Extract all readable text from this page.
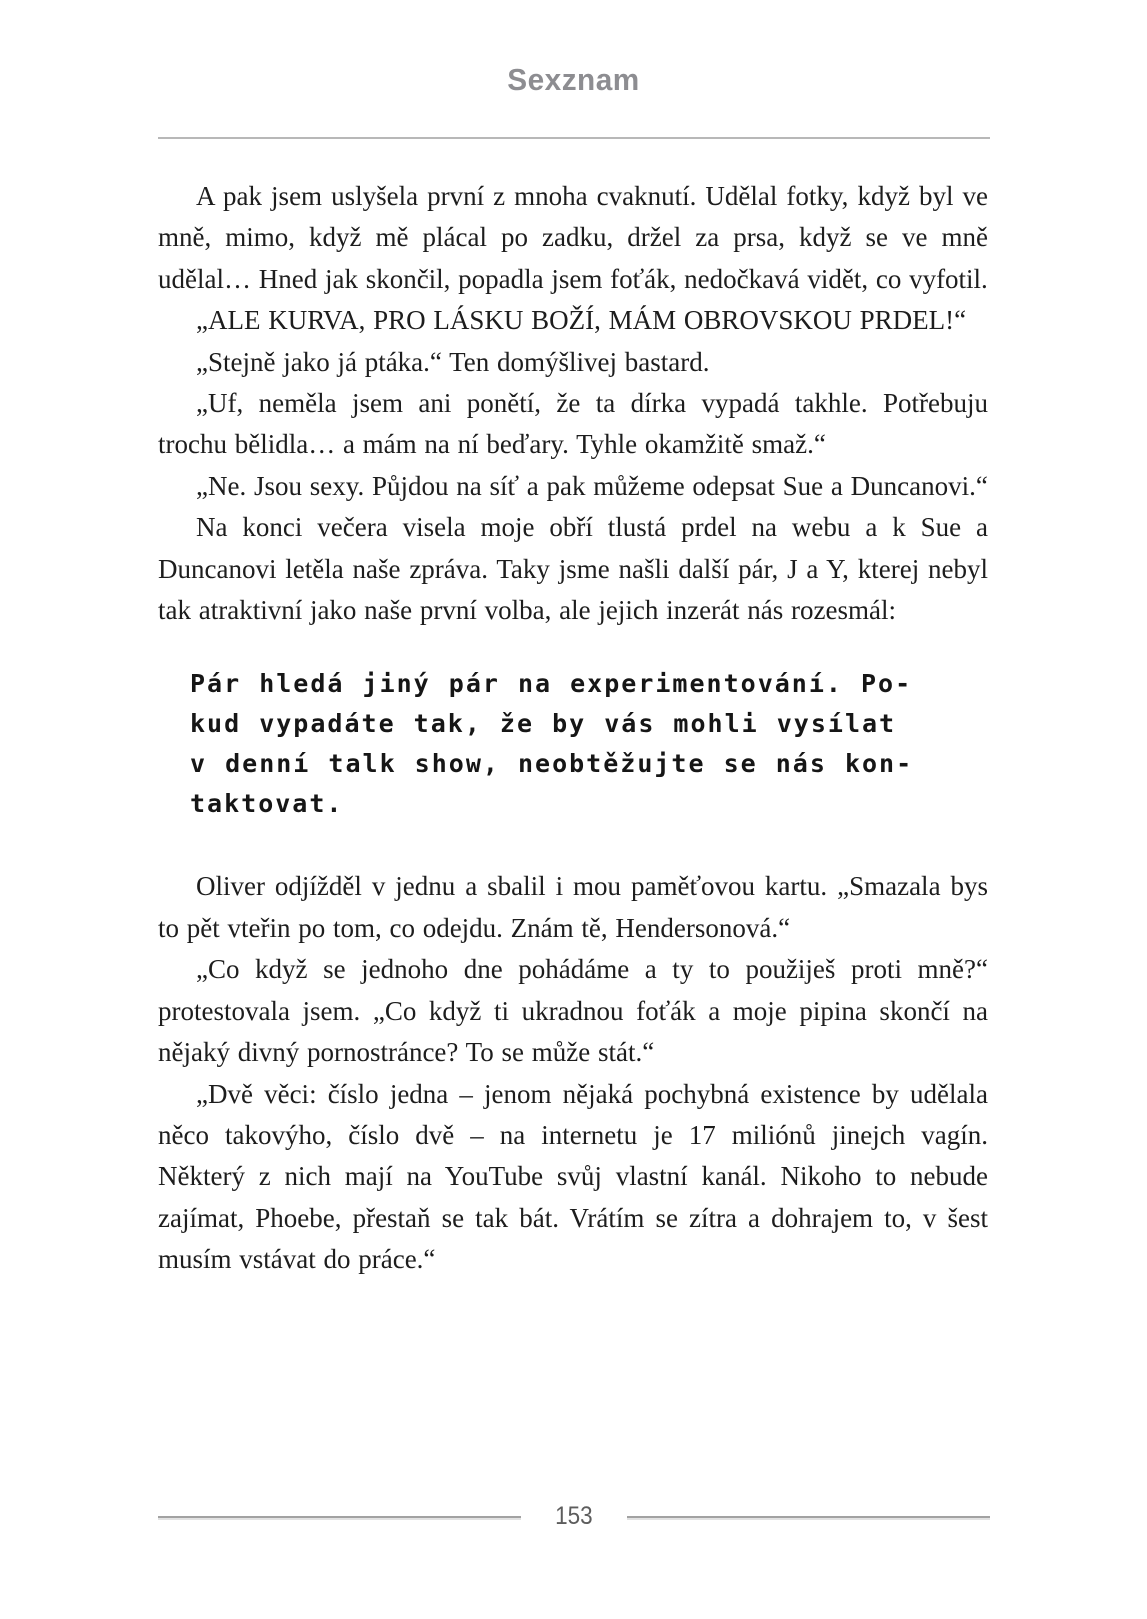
Sexznam

A pak jsem uslyšela první z mnoha cvaknutí. Udělal fotky, když byl ve mně, mimo, když mě plácal po zadku, držel za prsa, když se ve mně udělal… Hned jak skončil, popadla jsem foťák, nedočkavá vidět, co vyfotil.

„ALE KURVA, PRO LÁSKU BOŽÍ, MÁM OBROVSKOU PRDEL!“

„Stejně jako já ptáka.“ Ten domýšlivej bastard.

„Uf, neměla jsem ani ponětí, že ta dírka vypadá takhle. Potřebuju trochu bělidla… a mám na ní beďary. Tyhle okamžitě smaž.“

„Ne. Jsou sexy. Půjdou na síť a pak můžeme odepsat Sue a Duncanovi.“

Na konci večera visela moje obří tlustá prdel na webu a k Sue a Duncanovi letěla naše zpráva. Taky jsme našli další pár, J a Y, kterej nebyl tak atraktivní jako naše první volba, ale jejich inzerát nás rozesmál:

Pár hledá jiný pár na experimentování. Po-
kud vypadáte tak, že by vás mohli vysílat
v denní talk show, neobtěžujte se nás kon-
taktovat.

Oliver odjížděl v jednu a sbalil i mou paměťovou kartu. „Smazala bys to pět vteřin po tom, co odejdu. Znám tě, Hendersonová.“

„Co když se jednoho dne pohádáme a ty to použiješ proti mně?“ protestovala jsem. „Co když ti ukradnou foťák a moje pipina skončí na nějaký divný pornostránce? To se může stát.“

„Dvě věci: číslo jedna – jenom nějaká pochybná existence by udělala něco takovýho, číslo dvě – na internetu je 17 miliónů jinejch vagín. Některý z nich mají na YouTube svůj vlastní kanál. Nikoho to nebude zajímat, Phoebe, přestaň se tak bát. Vrátím se zítra a dohrajem to, v šest musím vstávat do práce.“

153
